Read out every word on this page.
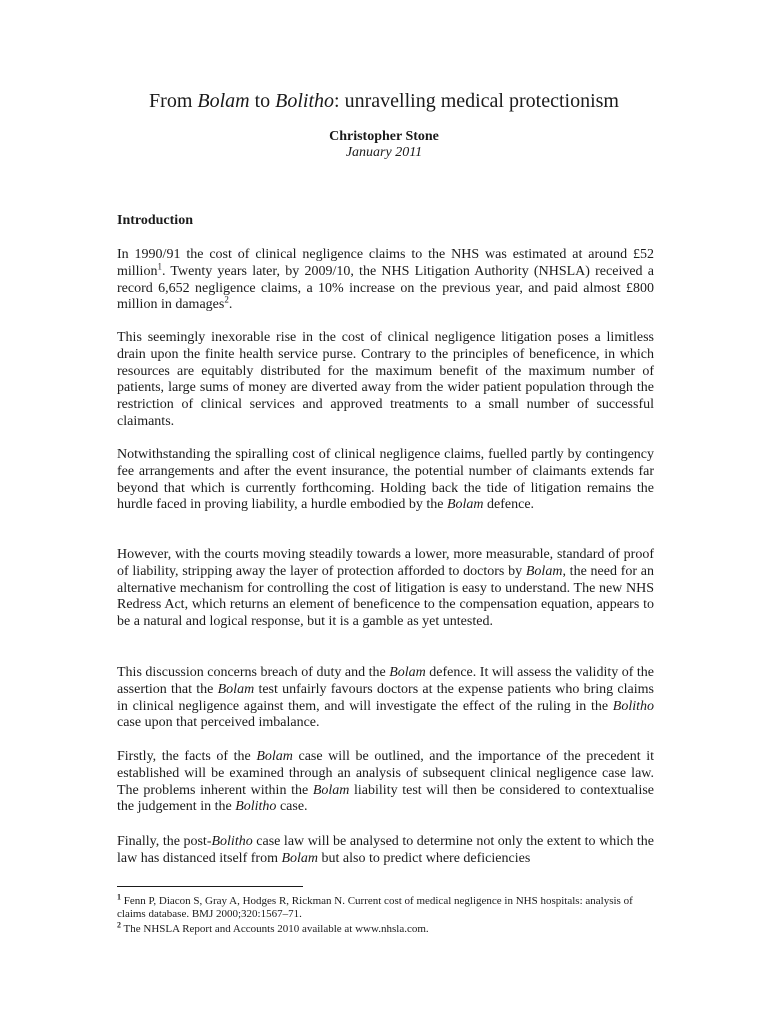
From Bolam to Bolitho: unravelling medical protectionism
Christopher Stone
January 2011
Introduction

In 1990/91 the cost of clinical negligence claims to the NHS was estimated at around £52 million$^1$. Twenty years later, by 2009/10, the NHS Litigation Authority (NHSLA) received a record 6,652 negligence claims, a 10% increase on the previous year, and paid almost £800 million in damages$^2$.

This seemingly inexorable rise in the cost of clinical negligence litigation poses a limitless drain upon the finite health service purse. Contrary to the principles of beneficence, in which resources are equitably distributed for the maximum benefit of the maximum number of patients, large sums of money are diverted away from the wider patient population through the restriction of clinical services and approved treatments to a small number of successful claimants.

Notwithstanding the spiralling cost of clinical negligence claims, fuelled partly by contingency fee arrangements and after the event insurance, the potential number of claimants extends far beyond that which is currently forthcoming. Holding back the tide of litigation remains the hurdle faced in proving liability, a hurdle embodied by the Bolam defence.

However, with the courts moving steadily towards a lower, more measurable, standard of proof of liability, stripping away the layer of protection afforded to doctors by Bolam, the need for an alternative mechanism for controlling the cost of litigation is easy to understand. The new NHS Redress Act, which returns an element of beneficence to the compensation equation, appears to be a natural and logical response, but it is a gamble as yet untested.

This discussion concerns breach of duty and the Bolam defence. It will assess the validity of the assertion that the Bolam test unfairly favours doctors at the expense patients who bring claims in clinical negligence against them, and will investigate the effect of the ruling in the Bolitho case upon that perceived imbalance.

Firstly, the facts of the Bolam case will be outlined, and the importance of the precedent it established will be examined through an analysis of subsequent clinical negligence case law. The problems inherent within the Bolam liability test will then be considered to contextualise the judgement in the Bolitho case.

Finally, the post-Bolitho case law will be analysed to determine not only the extent to which the law has distanced itself from Bolam but also to predict where deficiencies

$^1$ Fenn P, Diacon S, Gray A, Hodges R, Rickman N. Current cost of medical negligence in NHS hospitals: analysis of claims database. BMJ 2000;320:1567–71.
$^2$ The NHSLA Report and Accounts 2010 available at www.nhsla.com.
